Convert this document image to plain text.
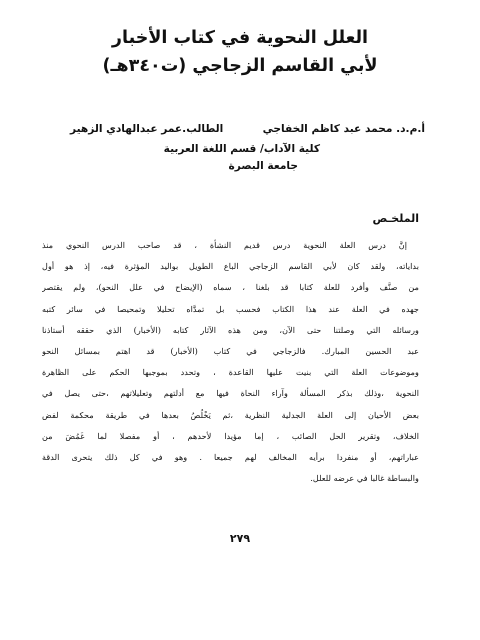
العلل النحوية في كتاب الأخبار
لأبي القاسم الزجاجي (ت٣٤٠هـ)
أ.م.د. محمد عبد كاظم الخفاجي
الطالب.عمر عبدالهادي الزهير
كلية الآداب/ قسم اللغة العربية
جامعة البصرة
الملخـص
إنَّ درس العلة النحوية درس قديم النشأة ، قد صاحب الدرس النحوي منذ
بداياته، ولقد كان لأبي القاسم الزجاجي الباع الطويل بواليد المؤثرة فيه، إذ هو أول
من صنَّف وأفرد للعلة كتابا قد بلغنا ، سماه (الإيضاح في علل النحو)، ولم يقتصر
جهده في العلة عند هذا الكتاب فحسب بل تمدَّاه تحليلا وتمحيصا في سائر كتبه
ورسائله التي وصلتنا حتى الآن، ومن هذه الآثار كتابه (الأخبار) الذي حققه أستاذنا
عبد الحسين المبارك. فالزجاجي في كتاب (الأخبار) قد اهتم بمسائل النحو
وموضوعات العلة التي بنيت عليها القاعدة ، وتحدد بموجبها الحكم على الظاهرة
النحوية ،وذلك بذكر المسألة وآراء النحاة فيها مع أدلتهم وتعليلاتهم ،حتى يصل في
بعض الأحيان إلى العلة الجدلية النظرية ،ثم يَخْلُصُ بعدها في طريقة محكمة لفض
الخلاف، وتقرير الحل الصائب ، إما مؤيدا لأحدهم ، أو مفصلا لما غَمُضَ من
عباراتهم، أو منفردا برأيه المخالف لهم جميعا . وهو في كل ذلك يتحرى الدقة
والبساطة غالبا في عرضه للعلل.
٢٧٩
